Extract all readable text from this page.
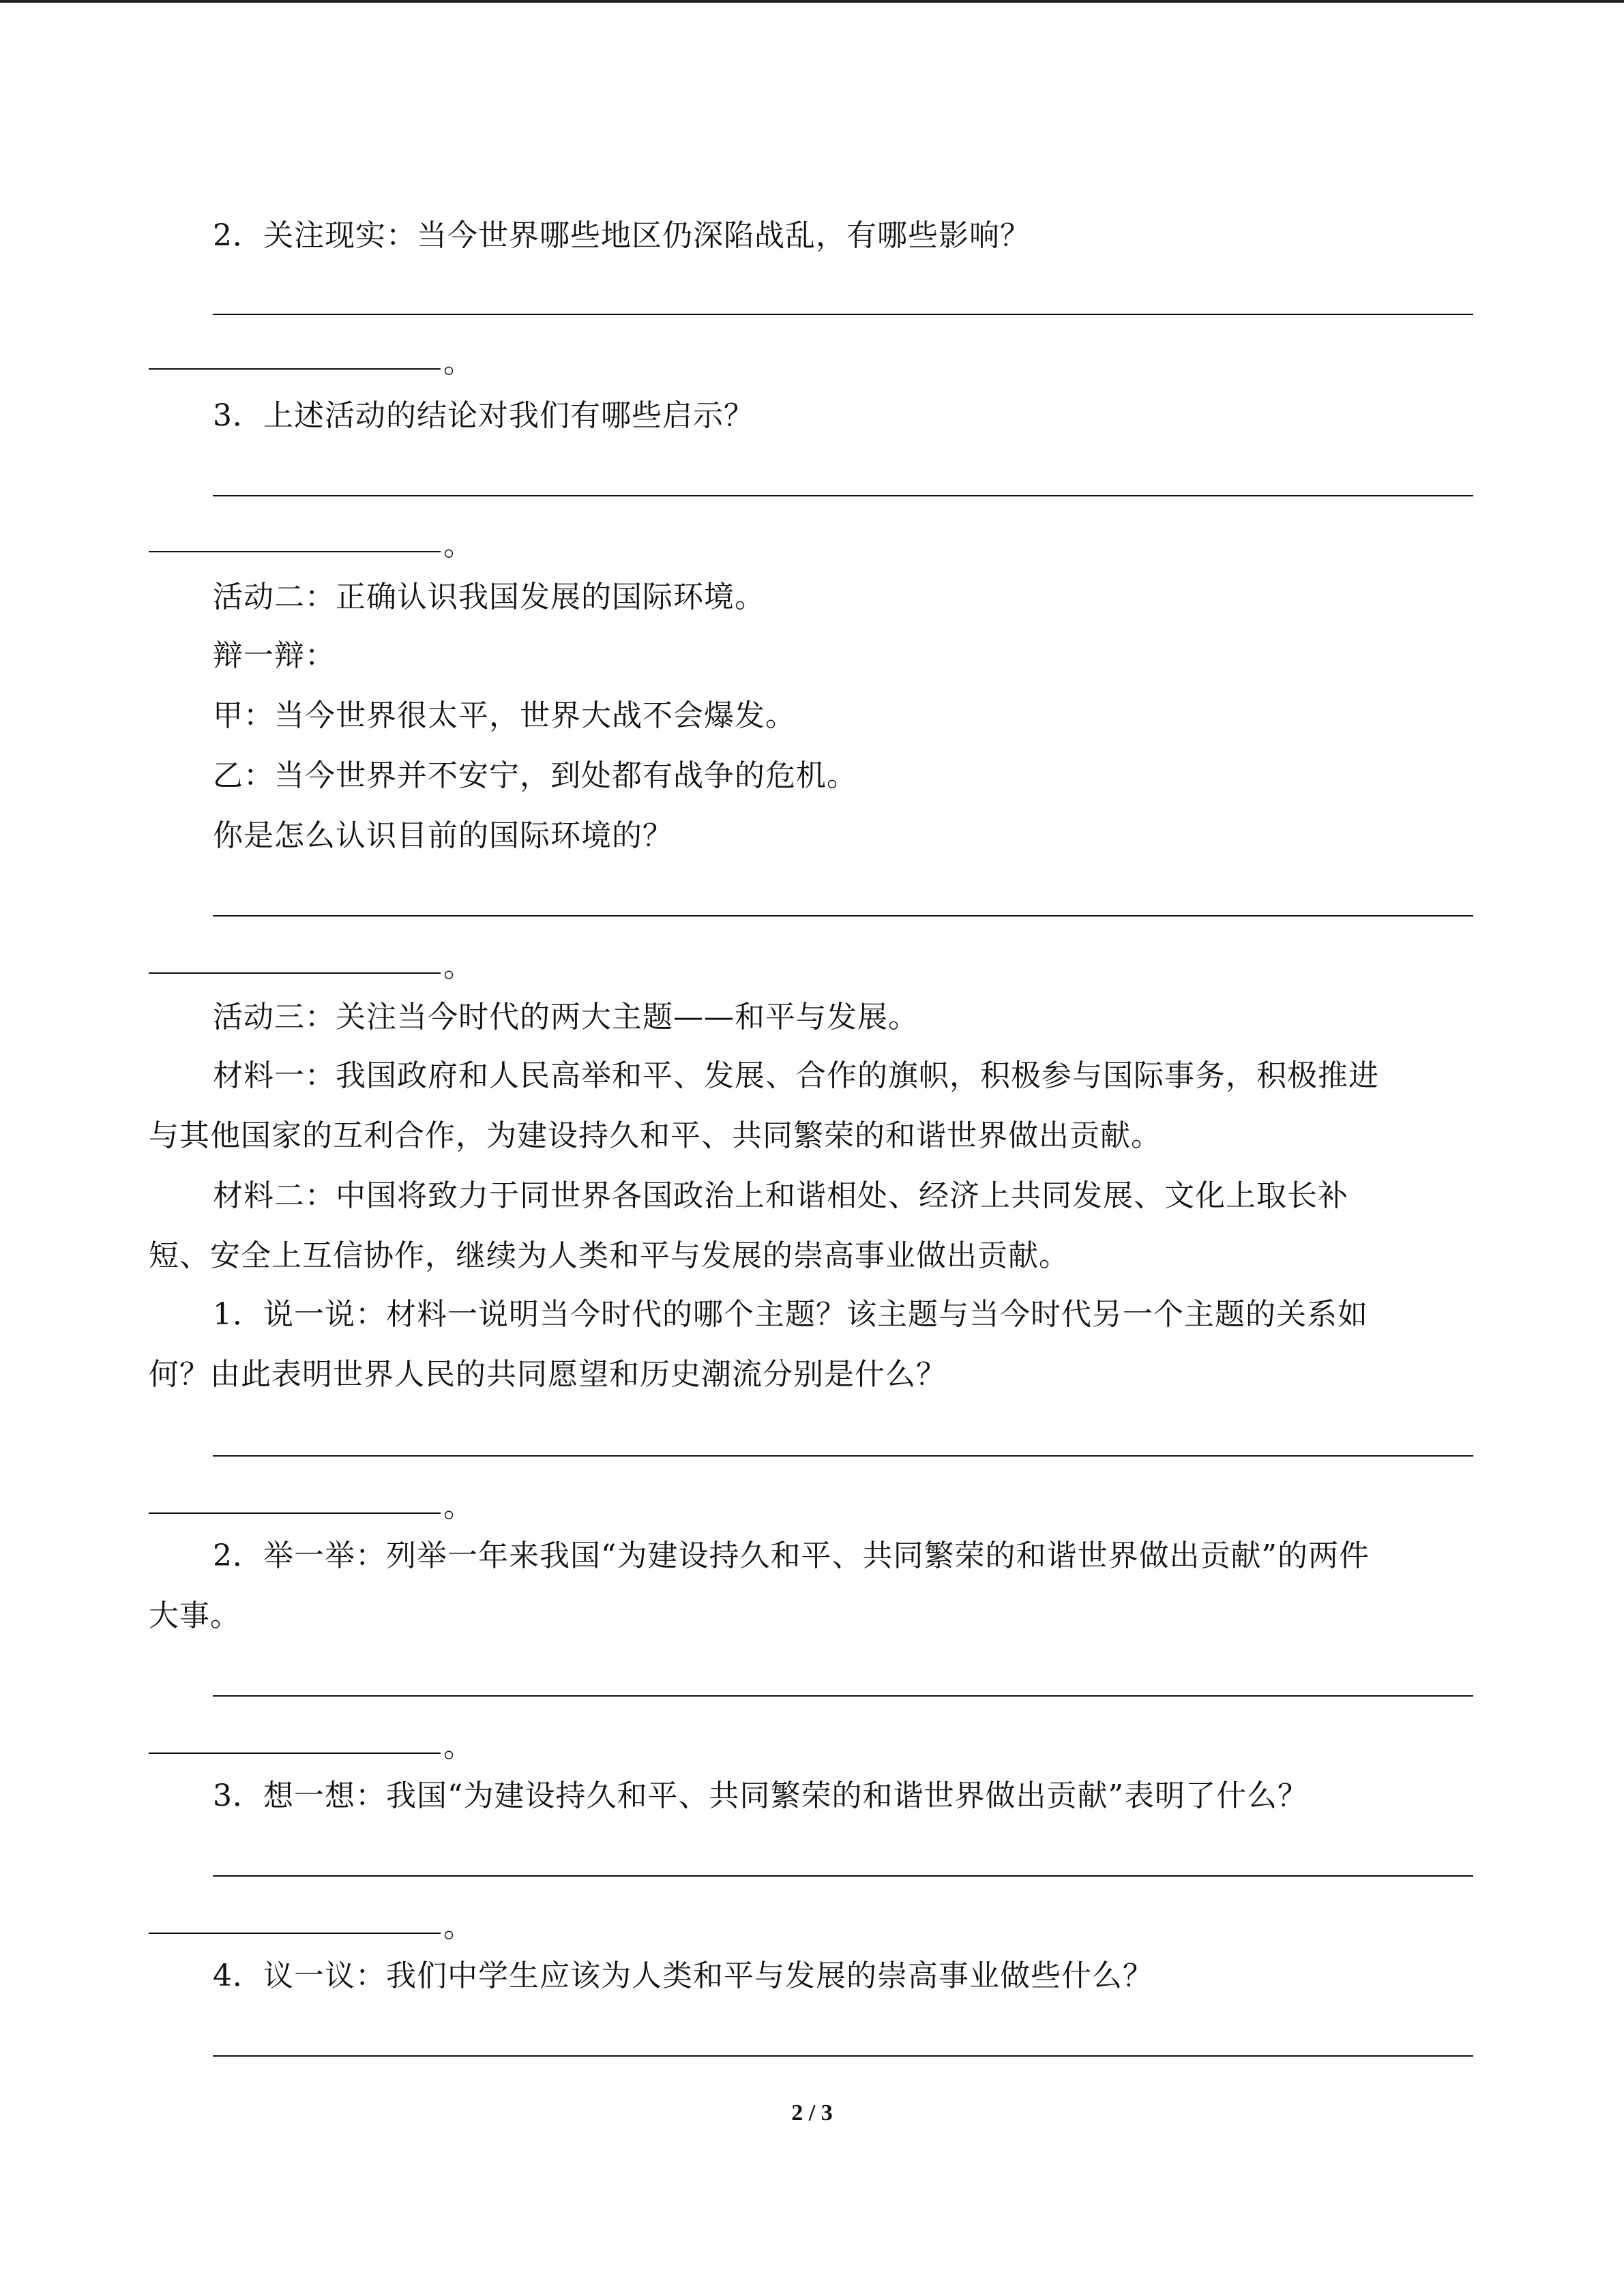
2．关注现实：当今世界哪些地区仍深陷战乱，有哪些影响？
。
3．上述活动的结论对我们有哪些启示？
。
活动二：正确认识我国发展的国际环境。
辩一辩：
甲：当今世界很太平，世界大战不会爆发。
乙：当今世界并不安宁，到处都有战争的危机。
你是怎么认识目前的国际环境的？
。
活动三：关注当今时代的两大主题——和平与发展。
材料一：我国政府和人民高举和平、发展、合作的旗帜，积极参与国际事务，积极推进
与其他国家的互利合作，为建设持久和平、共同繁荣的和谐世界做出贡献。
材料二：中国将致力于同世界各国政治上和谐相处、经济上共同发展、文化上取长补
短、安全上互信协作，继续为人类和平与发展的崇高事业做出贡献。
1．说一说：材料一说明当今时代的哪个主题？该主题与当今时代另一个主题的关系如
何？由此表明世界人民的共同愿望和历史潮流分别是什么？
。
2．举一举：列举一年来我国“为建设持久和平、共同繁荣的和谐世界做出贡献”的两件
大事。
。
3．想一想：我国“为建设持久和平、共同繁荣的和谐世界做出贡献”表明了什么？
。
4．议一议：我们中学生应该为人类和平与发展的崇高事业做些什么？
2 / 3
